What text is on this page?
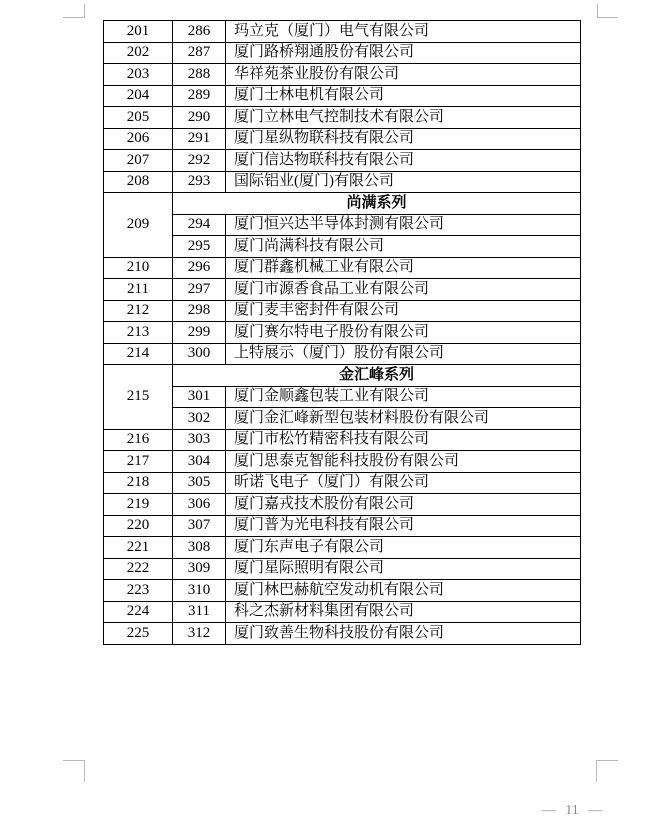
201	286	玛立克（厦门）电气有限公司
202	287	厦门路桥翔通股份有限公司
203	288	华祥苑茶业股份有限公司
204	289	厦门士林电机有限公司
205	290	厦门立林电气控制技术有限公司
206	291	厦门星纵物联科技有限公司
207	292	厦门信达物联科技有限公司
208	293	国际铝业(厦门)有限公司
209	尚满系列	
	294	厦门恒兴达半导体封测有限公司
	295	厦门尚满科技有限公司
210	296	厦门群鑫机械工业有限公司
211	297	厦门市源香食品工业有限公司
212	298	厦门麦丰密封件有限公司
213	299	厦门赛尔特电子股份有限公司
214	300	上特展示（厦门）股份有限公司
215	金汇峰系列	
	301	厦门金顺鑫包装工业有限公司
	302	厦门金汇峰新型包装材料股份有限公司
216	303	厦门市松竹精密科技有限公司
217	304	厦门思泰克智能科技股份有限公司
218	305	昕诺飞电子（厦门）有限公司
219	306	厦门嘉戎技术股份有限公司
220	307	厦门普为光电科技有限公司
221	308	厦门东声电子有限公司
222	309	厦门星际照明有限公司
223	310	厦门林巴赫航空发动机有限公司
224	311	科之杰新材料集团有限公司
225	312	厦门致善生物科技股份有限公司
— 11 —
